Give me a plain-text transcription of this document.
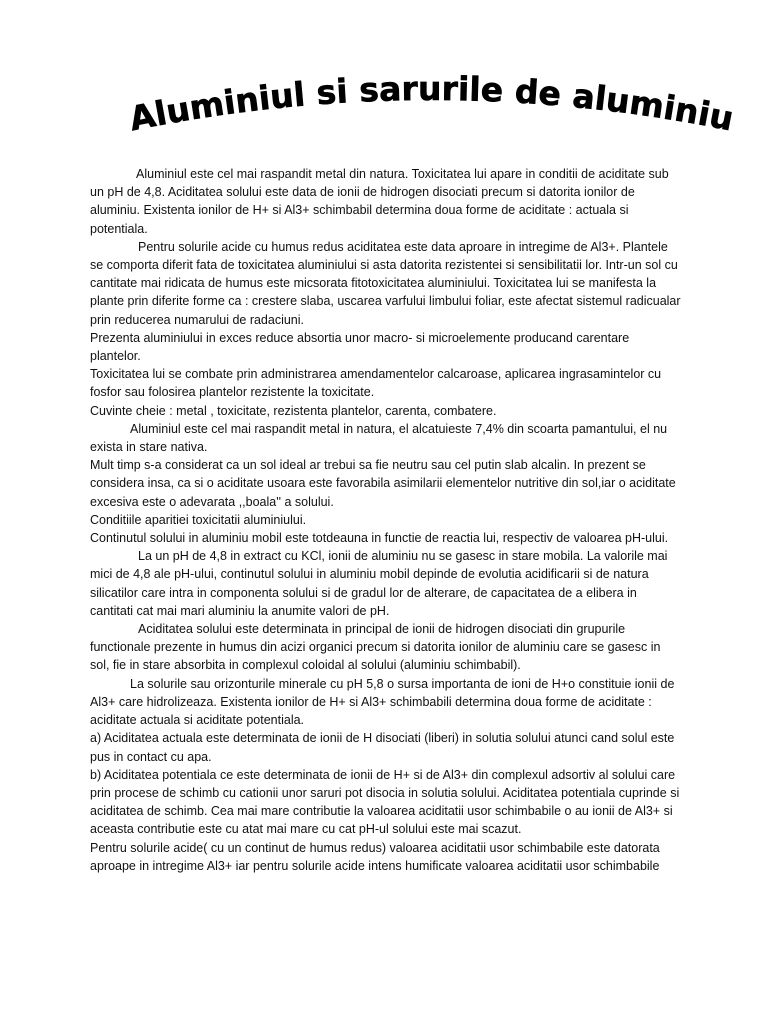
Aluminiul si sarurile de aluminiu

Aluminiul este cel mai raspandit metal din natura. Toxicitatea lui apare in conditii de aciditate sub un pH de 4,8. Aciditatea solului este data de ionii de hidrogen disociati precum si datorita ionilor de aluminiu. Existenta ionilor de H+ si Al3+ schimbabil determina doua forme de aciditate : actuala si potentiala.

Pentru solurile acide cu humus redus aciditatea este data aproare in intregime de Al3+. Plantele se comporta diferit fata de toxicitatea aluminiului si asta datorita rezistentei si sensibilitatii lor. Intr-un sol cu cantitate mai ridicata de humus este micsorata fitotoxicitatea aluminiului. Toxicitatea lui se manifesta la plante prin diferite forme ca : crestere slaba, uscarea varfului limbului foliar, este afectat sistemul radicualar prin reducerea numarului de radaciuni.

Prezenta aluminiului in exces reduce absortia unor macro- si microelemente producand carentare plantelor.

Toxicitatea lui se combate prin administrarea amendamentelor calcaroase, aplicarea ingrasamintelor cu fosfor sau folosirea plantelor rezistente la toxicitate.

Cuvinte cheie : metal , toxicitate, rezistenta plantelor, carenta, combatere.

Aluminiul este cel mai raspandit metal in natura, el alcatuieste 7,4% din scoarta pamantului, el nu exista in stare nativa.

Mult timp s-a considerat ca un sol ideal ar trebui sa fie neutru sau cel putin slab alcalin. In prezent se considera insa, ca si o aciditate usoara este favorabila asimilarii elementelor nutritive din sol,iar o aciditate excesiva este o adevarata ,,boala'' a solului.

Conditiile aparitiei toxicitatii aluminiului.

Continutul solului in aluminiu mobil este totdeauna in functie de reactia lui, respectiv de valoarea pH-ului.

La un pH de 4,8 in extract cu KCl, ionii de aluminiu nu se gasesc in stare mobila. La valorile mai mici de 4,8 ale pH-ului, continutul solului in aluminiu mobil depinde de evolutia acidificarii si de natura silicatilor care intra in componenta solului si de gradul lor de alterare, de capacitatea de a elibera in cantitati cat mai mari aluminiu la anumite valori de pH.

Aciditatea solului este determinata in principal de ionii de hidrogen disociati din grupurile functionale prezente in humus din acizi organici precum si datorita ionilor de aluminiu care se gasesc in sol, fie in stare absorbita in complexul coloidal al solului (aluminiu schimbabil).

La solurile sau orizonturile minerale cu pH 5,8 o sursa importanta de ioni de H+o constituie ionii de Al3+ care hidrolizeaza. Existenta ionilor de H+ si Al3+ schimbabili determina doua forme de aciditate : aciditate actuala si aciditate potentiala.

a) Aciditatea actuala este determinata de ionii de H disociati (liberi) in solutia solului atunci cand solul este pus in contact cu apa.

b) Aciditatea potentiala ce este determinata de ionii de H+ si de Al3+ din complexul adsortiv al solului care prin procese de schimb cu cationii unor saruri pot disocia in solutia solului. Aciditatea potentiala cuprinde si aciditatea de schimb. Cea mai mare contributie la valoarea aciditatii usor schimbabile o au ionii de Al3+ si aceasta contributie este cu atat mai mare cu cat pH-ul solului este mai scazut.

Pentru solurile acide( cu un continut de humus redus) valoarea aciditatii usor schimbabile este datorata aproape in intregime Al3+ iar pentru solurile acide intens humificate valoarea aciditatii usor schimbabile
